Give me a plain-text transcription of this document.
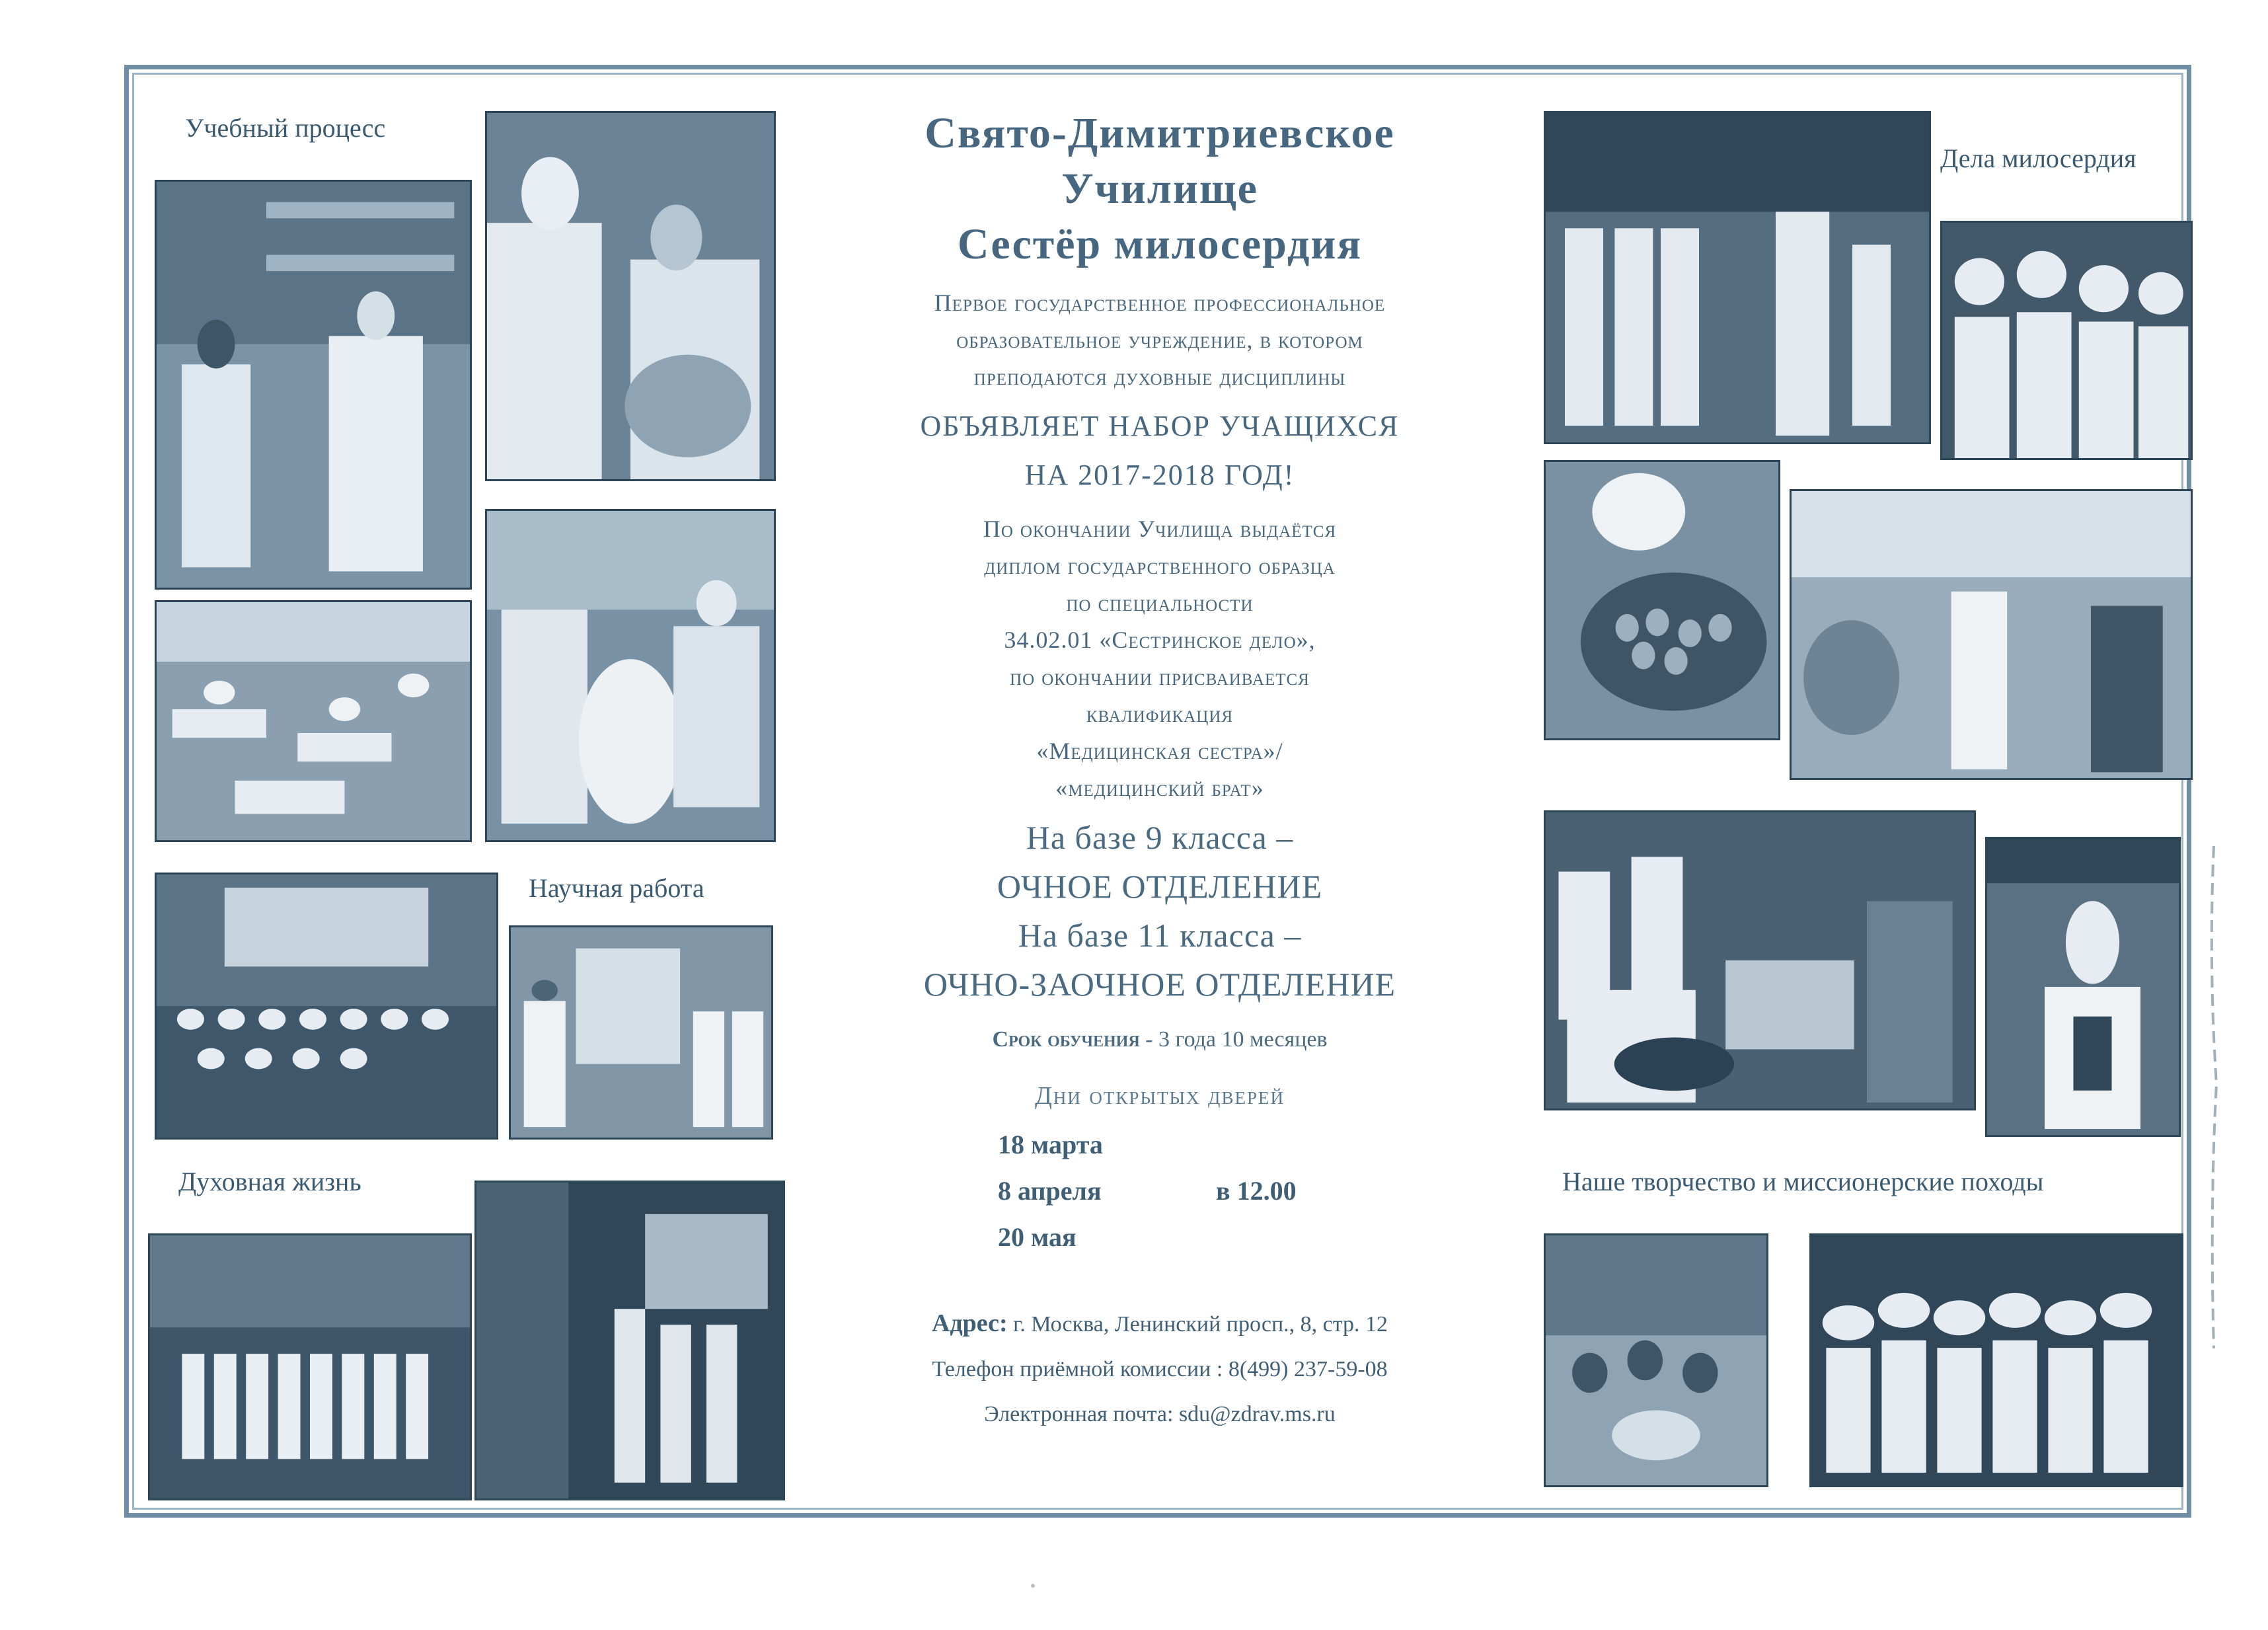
Учебный процесс
Научная работа
Духовная жизнь
Свято-Димитриевское
Училище
Сестёр милосердия
Первое государственное профессиональное
образовательное учреждение, в котором
преподаются духовные дисциплины
ОБЪЯВЛЯЕТ НАБОР УЧАЩИХСЯ
НА 2017-2018 ГОД!
По окончании Училища выдаётся
диплом государственного образца
по специальности
34.02.01 «Сестринское дело»,
по окончании присваивается
квалификация
«Медицинская сестра»/
«медицинский брат»
На базе 9 класса –
ОЧНОЕ ОТДЕЛЕНИЕ
На базе 11 класса –
ОЧНО-ЗАОЧНОЕ ОТДЕЛЕНИЕ
Срок обучения - 3 года 10 месяцев
Дни открытых дверей
18 марта
8 апреля
20 мая
в 12.00
Адрес: г. Москва, Ленинский просп., 8, стр. 12
Телефон приёмной комиссии : 8(499) 237-59-08
Электронная почта: sdu@zdrav.ms.ru
Дела милосердия
Наше творчество и миссионерские походы
